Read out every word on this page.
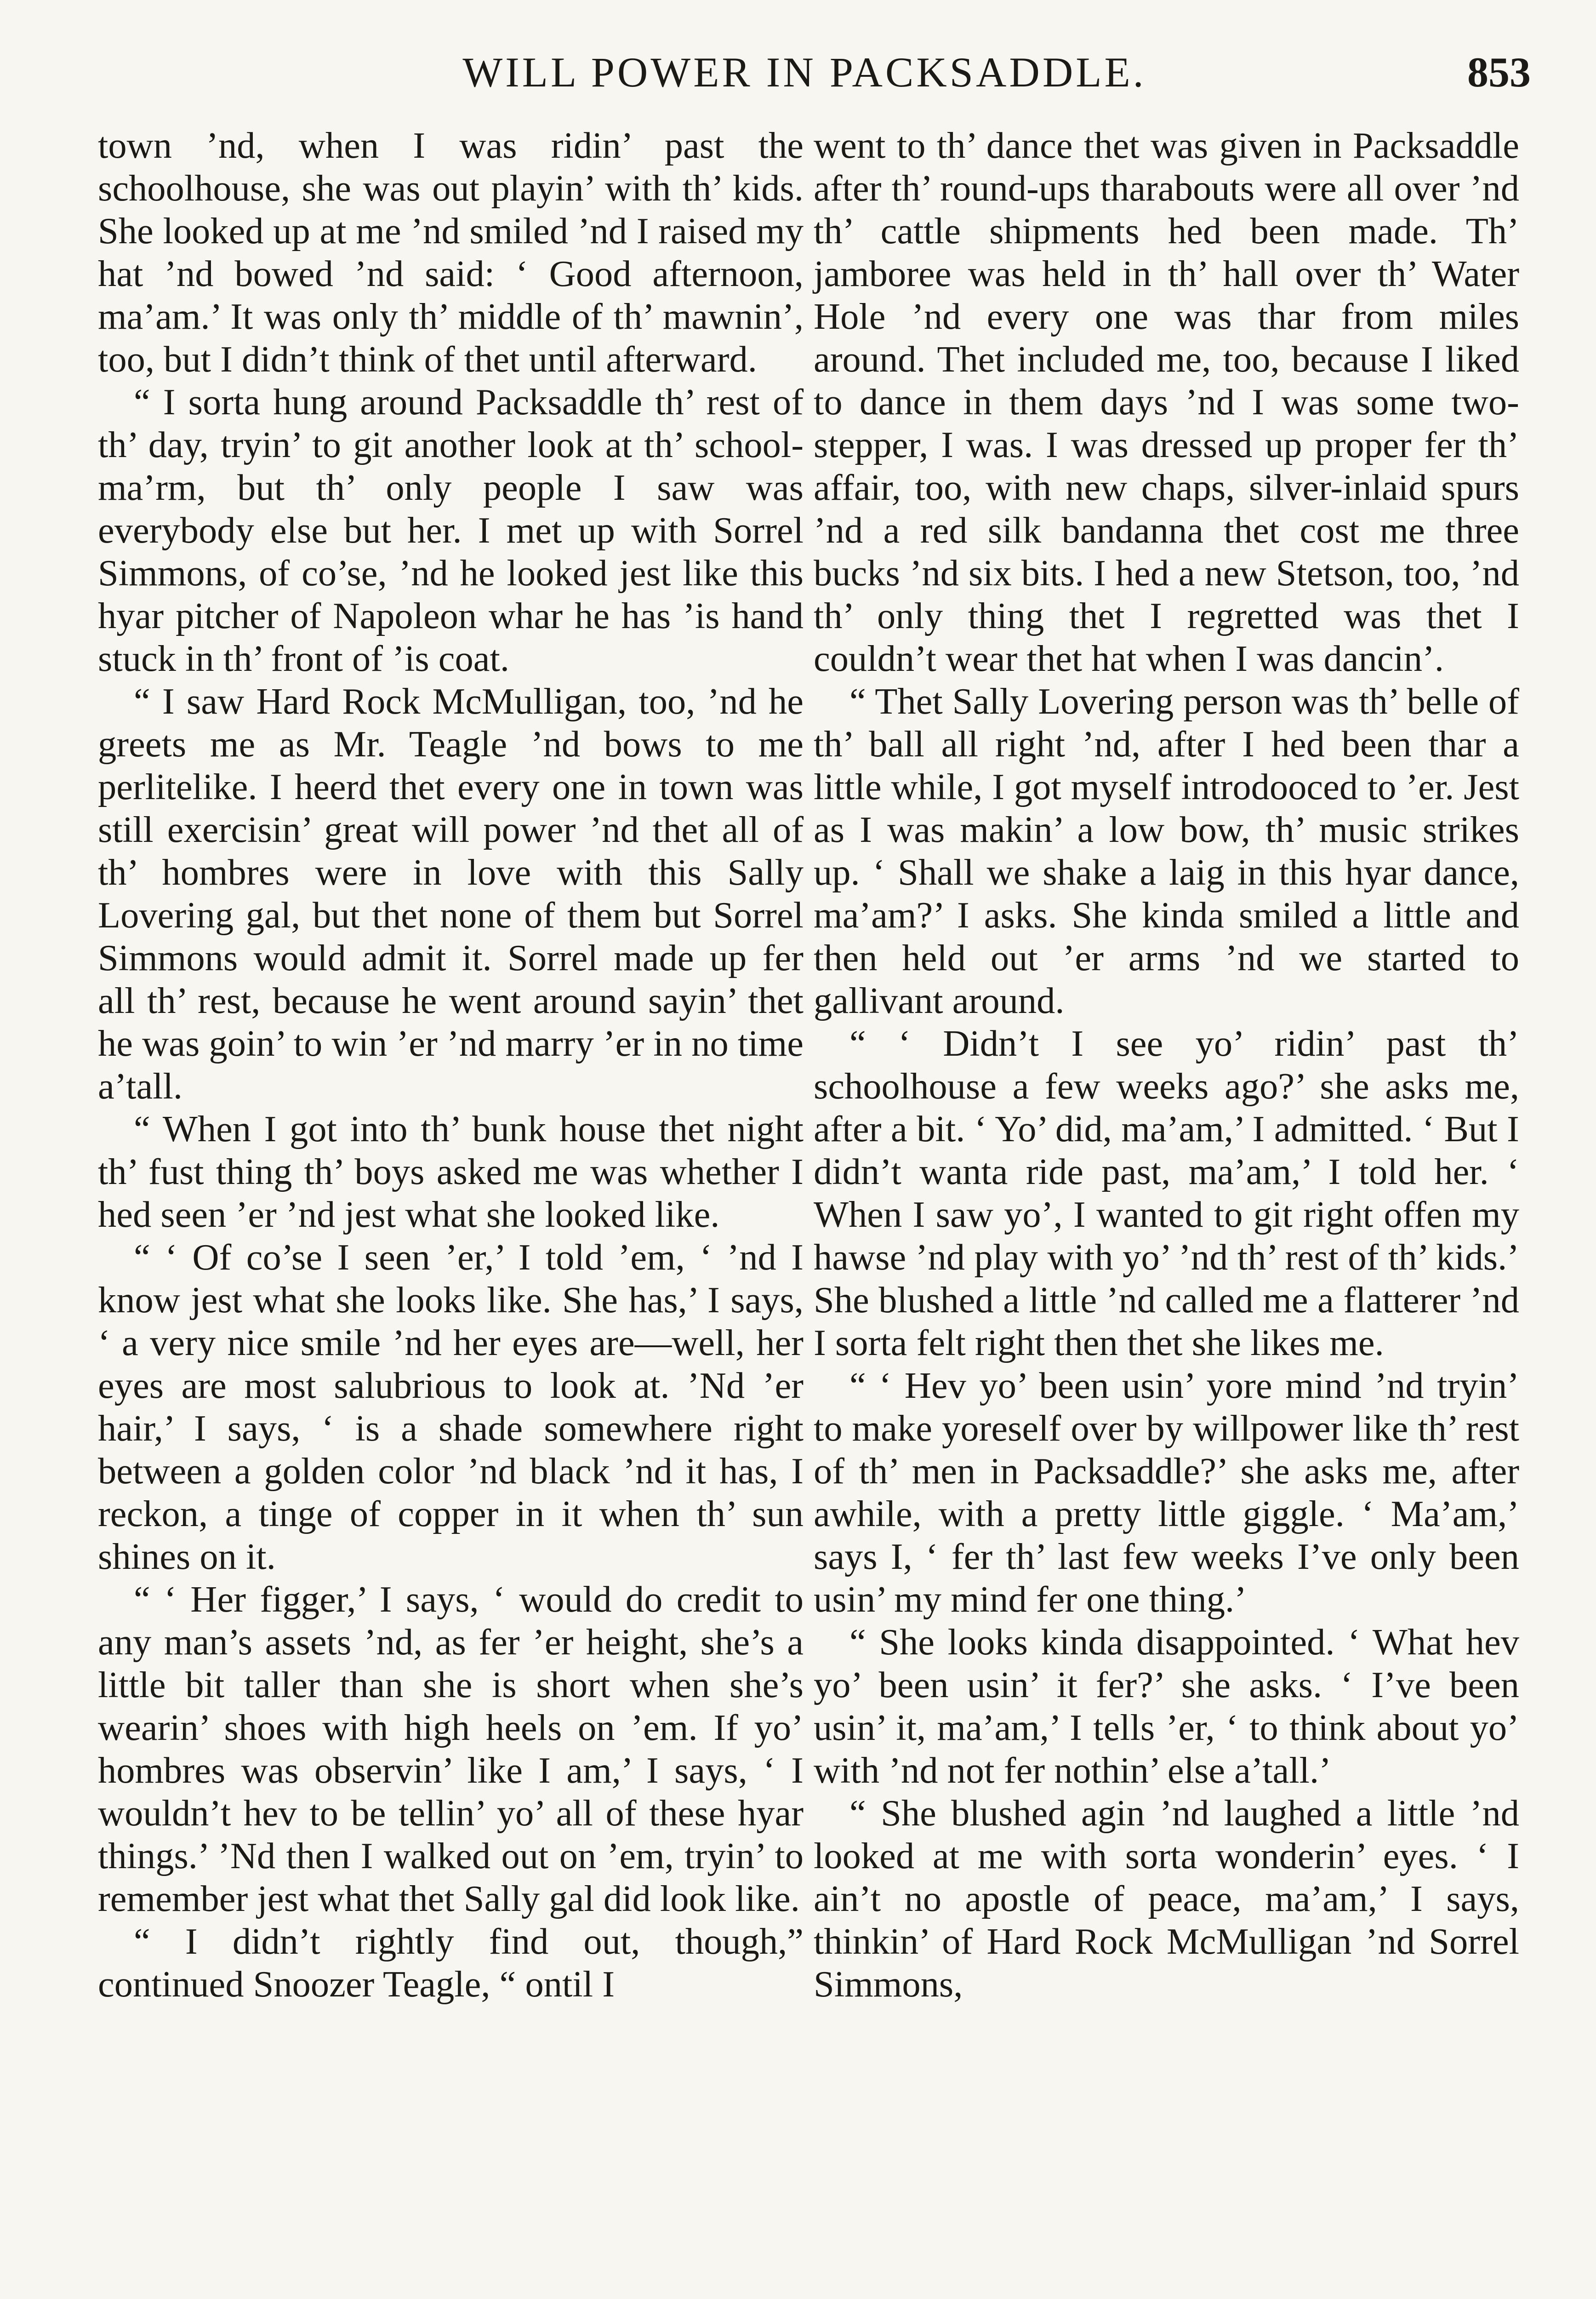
WILL POWER IN PACKSADDLE.	853

town ’nd, when I was ridin’ past the schoolhouse, she was out playin’ with th’ kids. She looked up at me ’nd smiled ’nd I raised my hat ’nd bowed ’nd said: ‘ Good afternoon, ma’am.’ It was only th’ middle of th’ mawnin’, too, but I didn’t think of thet until afterward.

“ I sorta hung around Packsaddle th’ rest of th’ day, tryin’ to git another look at th’ school-ma’rm, but th’ only people I saw was everybody else but her. I met up with Sorrel Simmons, of co’se, ’nd he looked jest like this hyar pitcher of Napoleon whar he has ’is hand stuck in th’ front of ’is coat.

“ I saw Hard Rock McMulligan, too, ’nd he greets me as Mr. Teagle ’nd bows to me perlitelike. I heerd thet every one in town was still exercisin’ great will power ’nd thet all of th’ hombres were in love with this Sally Lovering gal, but thet none of them but Sorrel Simmons would admit it. Sorrel made up fer all th’ rest, because he went around sayin’ thet he was goin’ to win ’er ’nd marry ’er in no time a’tall.

“ When I got into th’ bunk house thet night th’ fust thing th’ boys asked me was whether I hed seen ’er ’nd jest what she looked like.

“ ‘ Of co’se I seen ’er,’ I told ’em, ‘ ’nd I know jest what she looks like. She has,’ I says, ‘ a very nice smile ’nd her eyes are—well, her eyes are most salubrious to look at. ’Nd ’er hair,’ I says, ‘ is a shade somewhere right between a golden color ’nd black ’nd it has, I reckon, a tinge of copper in it when th’ sun shines on it.

“ ‘ Her figger,’ I says, ‘ would do credit to any man’s assets ’nd, as fer ’er height, she’s a little bit taller than she is short when she’s wearin’ shoes with high heels on ’em. If yo’ hombres was observin’ like I am,’ I says, ‘ I wouldn’t hev to be tellin’ yo’ all of these hyar things.’ ’Nd then I walked out on ’em, tryin’ to remember jest what thet Sally gal did look like.

“ I didn’t rightly find out, though,” continued Snoozer Teagle, “ ontil I

went to th’ dance thet was given in Packsaddle after th’ round-ups tharabouts were all over ’nd th’ cattle shipments hed been made. Th’ jamboree was held in th’ hall over th’ Water Hole ’nd every one was thar from miles around. Thet included me, too, because I liked to dance in them days ’nd I was some two-stepper, I was. I was dressed up proper fer th’ affair, too, with new chaps, silver-inlaid spurs ’nd a red silk bandanna thet cost me three bucks ’nd six bits. I hed a new Stetson, too, ’nd th’ only thing thet I regretted was thet I couldn’t wear thet hat when I was dancin’.

“ Thet Sally Lovering person was th’ belle of th’ ball all right ’nd, after I hed been thar a little while, I got myself introdooced to ’er. Jest as I was makin’ a low bow, th’ music strikes up. ‘ Shall we shake a laig in this hyar dance, ma’am?’ I asks. She kinda smiled a little and then held out ’er arms ’nd we started to gallivant around.

“ ‘ Didn’t I see yo’ ridin’ past th’ schoolhouse a few weeks ago?’ she asks me, after a bit. ‘ Yo’ did, ma’am,’ I admitted. ‘ But I didn’t wanta ride past, ma’am,’ I told her. ‘ When I saw yo’, I wanted to git right offen my hawse ’nd play with yo’ ’nd th’ rest of th’ kids.’ She blushed a little ’nd called me a flatterer ’nd I sorta felt right then thet she likes me.

“ ‘ Hev yo’ been usin’ yore mind ’nd tryin’ to make yoreself over by willpower like th’ rest of th’ men in Packsaddle?’ she asks me, after awhile, with a pretty little giggle. ‘ Ma’am,’ says I, ‘ fer th’ last few weeks I’ve only been usin’ my mind fer one thing.’

“ She looks kinda disappointed. ‘ What hev yo’ been usin’ it fer?’ she asks. ‘ I’ve been usin’ it, ma’am,’ I tells ’er, ‘ to think about yo’ with ’nd not fer nothin’ else a’tall.’

“ She blushed agin ’nd laughed a little ’nd looked at me with sorta wonderin’ eyes. ‘ I ain’t no apostle of peace, ma’am,’ I says, thinkin’ of Hard Rock McMulligan ’nd Sorrel Simmons,
